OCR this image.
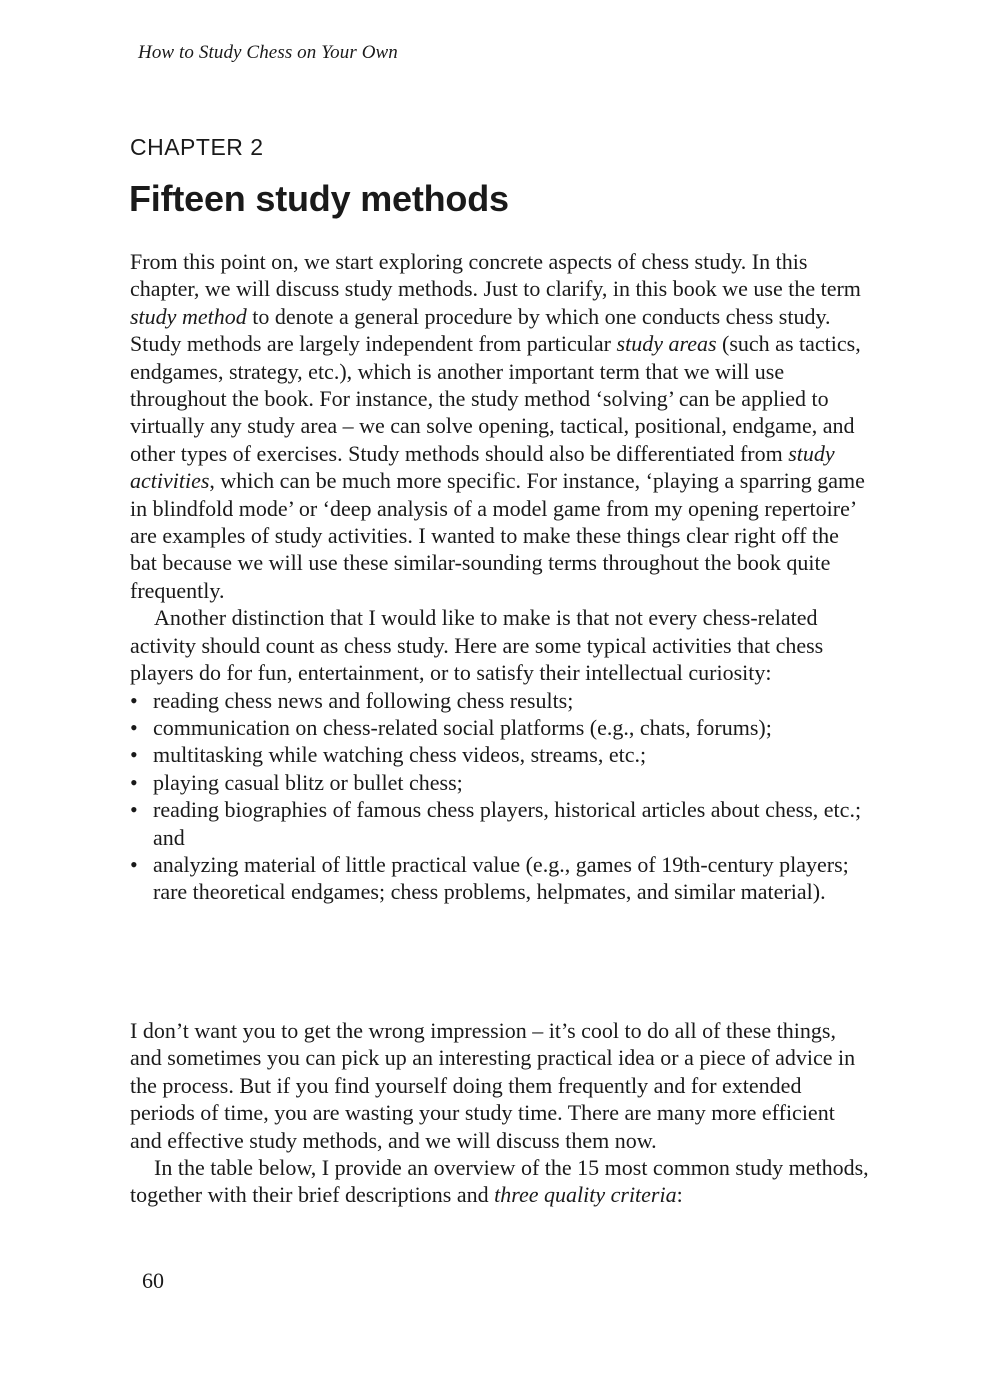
How to Study Chess on Your Own
CHAPTER 2
Fifteen study methods

From this point on, we start exploring concrete aspects of chess study. In this chapter, we will discuss study methods. Just to clarify, in this book we use the term study method to denote a general procedure by which one conducts chess study. Study methods are largely independent from particular study areas (such as tactics, endgames, strategy, etc.), which is another important term that we will use throughout the book. For instance, the study method ‘solving’ can be applied to virtually any study area – we can solve opening, tactical, positional, endgame, and other types of exercises. Study methods should also be differentiated from study activities, which can be much more specific. For instance, ‘playing a sparring game in blindfold mode’ or ‘deep analysis of a model game from my opening repertoire’ are examples of study activities. I wanted to make these things clear right off the bat because we will use these similar-sounding terms throughout the book quite frequently.

Another distinction that I would like to make is that not every chess-related activity should count as chess study. Here are some typical activities that chess players do for fun, entertainment, or to satisfy their intellectual curiosity:

• reading chess news and following chess results;
• communication on chess-related social platforms (e.g., chats, forums);
• multitasking while watching chess videos, streams, etc.;
• playing casual blitz or bullet chess;
• reading biographies of famous chess players, historical articles about chess, etc.; and
• analyzing material of little practical value (e.g., games of 19th-century players; rare theoretical endgames; chess problems, helpmates, and similar material).

I don’t want you to get the wrong impression – it’s cool to do all of these things, and sometimes you can pick up an interesting practical idea or a piece of advice in the process. But if you find yourself doing them frequently and for extended periods of time, you are wasting your study time. There are many more efficient and effective study methods, and we will discuss them now.

In the table below, I provide an overview of the 15 most common study methods, together with their brief descriptions and three quality criteria:

60
